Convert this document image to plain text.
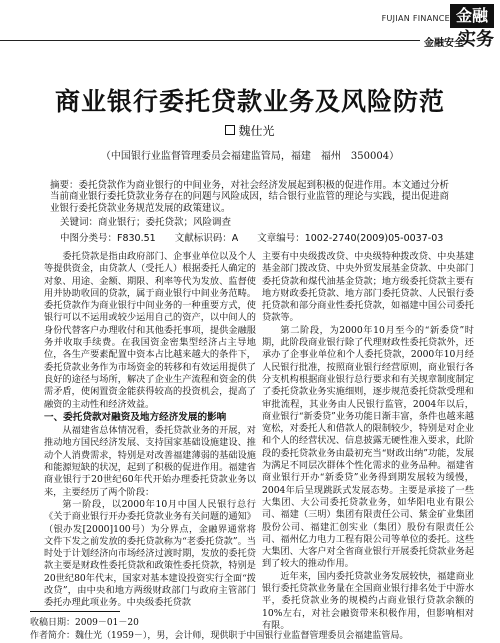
FUJIAN FINANCE 金融
金融安全
实务
商业银行委托贷款业务及风险防范
魏仕光
（中国银行业监督管理委员会福建监管局，福建　福州　350004）
摘要：委托贷款作为商业银行的中间业务，对社会经济发展起到积极的促进作用。本文通过分析当前商业银行委托贷款业务存在的问题与风险成因，结合银行业监管的理论与实践，提出促进商业银行委托贷款业务规范发展的政策建议。
关键词：商业银行；委托贷款；风险调查
中图分类号：F830.51　　文献标识码：A　　文章编号：1002-2740(2009)05-0037-03

委托贷款是指由政府部门、企事业单位以及个人等提供资金，由贷款人（受托人）根据委托人确定的对象、用途、金额、期限、利率等代为发放、监督使用并协助收回的贷款，属于商业银行中间业务范畴。委托贷款作为商业银行中间业务的一种重要方式，使银行可以不运用或较少运用自己的资产，以中间人的身份代替客户办理收付和其他委托事项，提供金融服务并收取手续费。在我国资金密集型经济占主导地位，各生产要素配置中资本占比越来越大的条件下，委托贷款业务作为市场资金的转移和有效运用提供了良好的途径与场所，解决了企业生产流程和资金的供需矛盾，使闲置资金能获得较高的投资机会，提高了融资的主动性和经济效益。

一、委托贷款对融资及地方经济发展的影响

从福建省总体情况看，委托贷款业务的开展，对推动地方国民经济发展、支持国家基础设施建设、推动个人消费需求，特别是对改善福建薄弱的基础设施和能源短缺的状况，起到了积极的促进作用。福建省商业银行于20世纪60年代开始办理委托贷款业务以来，主要经历了两个阶段：

第一阶段，以2000年10月中国人民银行总行《关于商业银行开办委托贷款业务有关问题的通知》（银办发[2000]100号）为分界点，金融界通常将文件下发之前发放的委托贷款称为“老委托贷款”。当时处于计划经济向市场经济过渡时期，发放的委托贷款主要是财政性委托贷款和政策性委托贷款，特别是20世纪80年代末，国家对基本建设投资实行全面“拨改贷”，由中央和地方两级财政部门与政府主管部门委托办理此项业务。中央级委托贷款

主要有中央级拨改贷、中央级特种拨改贷、中央基建基金部门拨改贷、中央外贸发展基金贷款、中央部门委托贷款和煤代油基金贷款；地方级委托贷款主要有地方财政委托贷款、地方部门委托贷款、人民银行委托贷款和部分商业性委托贷款，如福建中国公司委托贷款等。

第二阶段，为2000年10月至今的“新委贷”时期，此阶段商业银行除了代理财政性委托贷款外，还承办了企事业单位和个人委托贷款，2000年10月经人民银行批准，按照商业银行经营原则，商业银行各分支机构根据商业银行总行要求和有关规章制度制定了委托贷款业务实施细则，逐步规范委托贷款受理和审批流程，其业务由人民银行监管，2004年以后，商业银行“新委贷”业务功能日渐丰富，条件也越来越宽松，对委托人和借款人的限制较少，特别是对企业和个人的经营状况、信息披露无硬性准入要求，此阶段的委托贷款业务由最初充当“财政出纳”功能，发展为满足不同层次群体个性化需求的业务品种。福建省商业银行开办“新委贷”业务得到期发展较为缓慢，2004年后呈现跳跃式发展态势。主要是承接了一些大集团、大公司委托贷款业务，如华阳电业有限公司、福建（三明）集团有限责任公司、紫金矿业集团股份公司、福建汇创实业（集团）股份有限责任公司、福州亿力电力工程有限公司等单位的委托。这些大集团、大客户对全省商业银行开展委托贷款业务起到了较大的推动作用。

近年来，国内委托贷款业务发展较快，福建商业银行委托贷款业务量在全国商业银行排名处于中游水平，委托贷款业务的规模约占商业银行贷款余额的10%左右，对社会融资带来积极作用，但影响相对有限。

收稿日期：2009－01－20
作者简介：魏仕光（1959－），男，会计师，现供职于中国银行业监督管理委员会福建监管局。
